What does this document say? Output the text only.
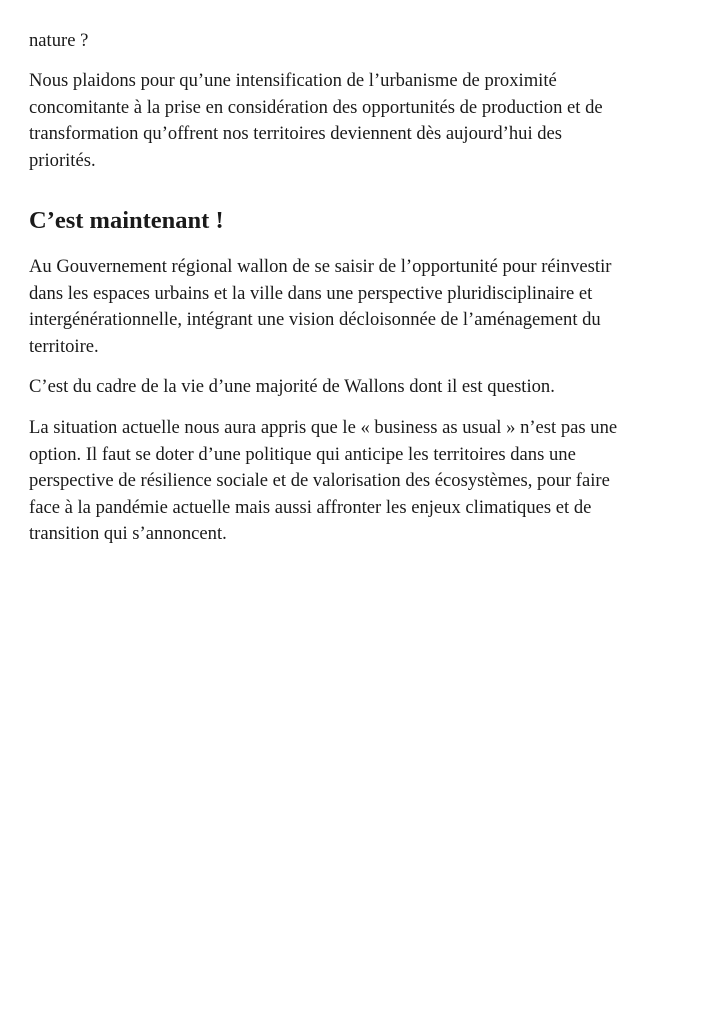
nature ?

Nous plaidons pour qu’une intensification de l’urbanisme de proximité
concomitante à la prise en considération des opportunités de production et de
transformation qu’offrent nos territoires deviennent dès aujourd’hui des
priorités.

C’est maintenant !

Au Gouvernement régional wallon de se saisir de l’opportunité pour réinvestir
dans les espaces urbains et la ville dans une perspective pluridisciplinaire et
intergénérationnelle, intégrant une vision décloisonnée de l’aménagement du
territoire.

C’est du cadre de la vie d’une majorité de Wallons dont il est question.

La situation actuelle nous aura appris que le « business as usual » n’est pas une
option. Il faut se doter d’une politique qui anticipe les territoires dans une
perspective de résilience sociale et de valorisation des écosystèmes, pour faire
face à la pandémie actuelle mais aussi affronter les enjeux climatiques et de
transition qui s’annoncent.
